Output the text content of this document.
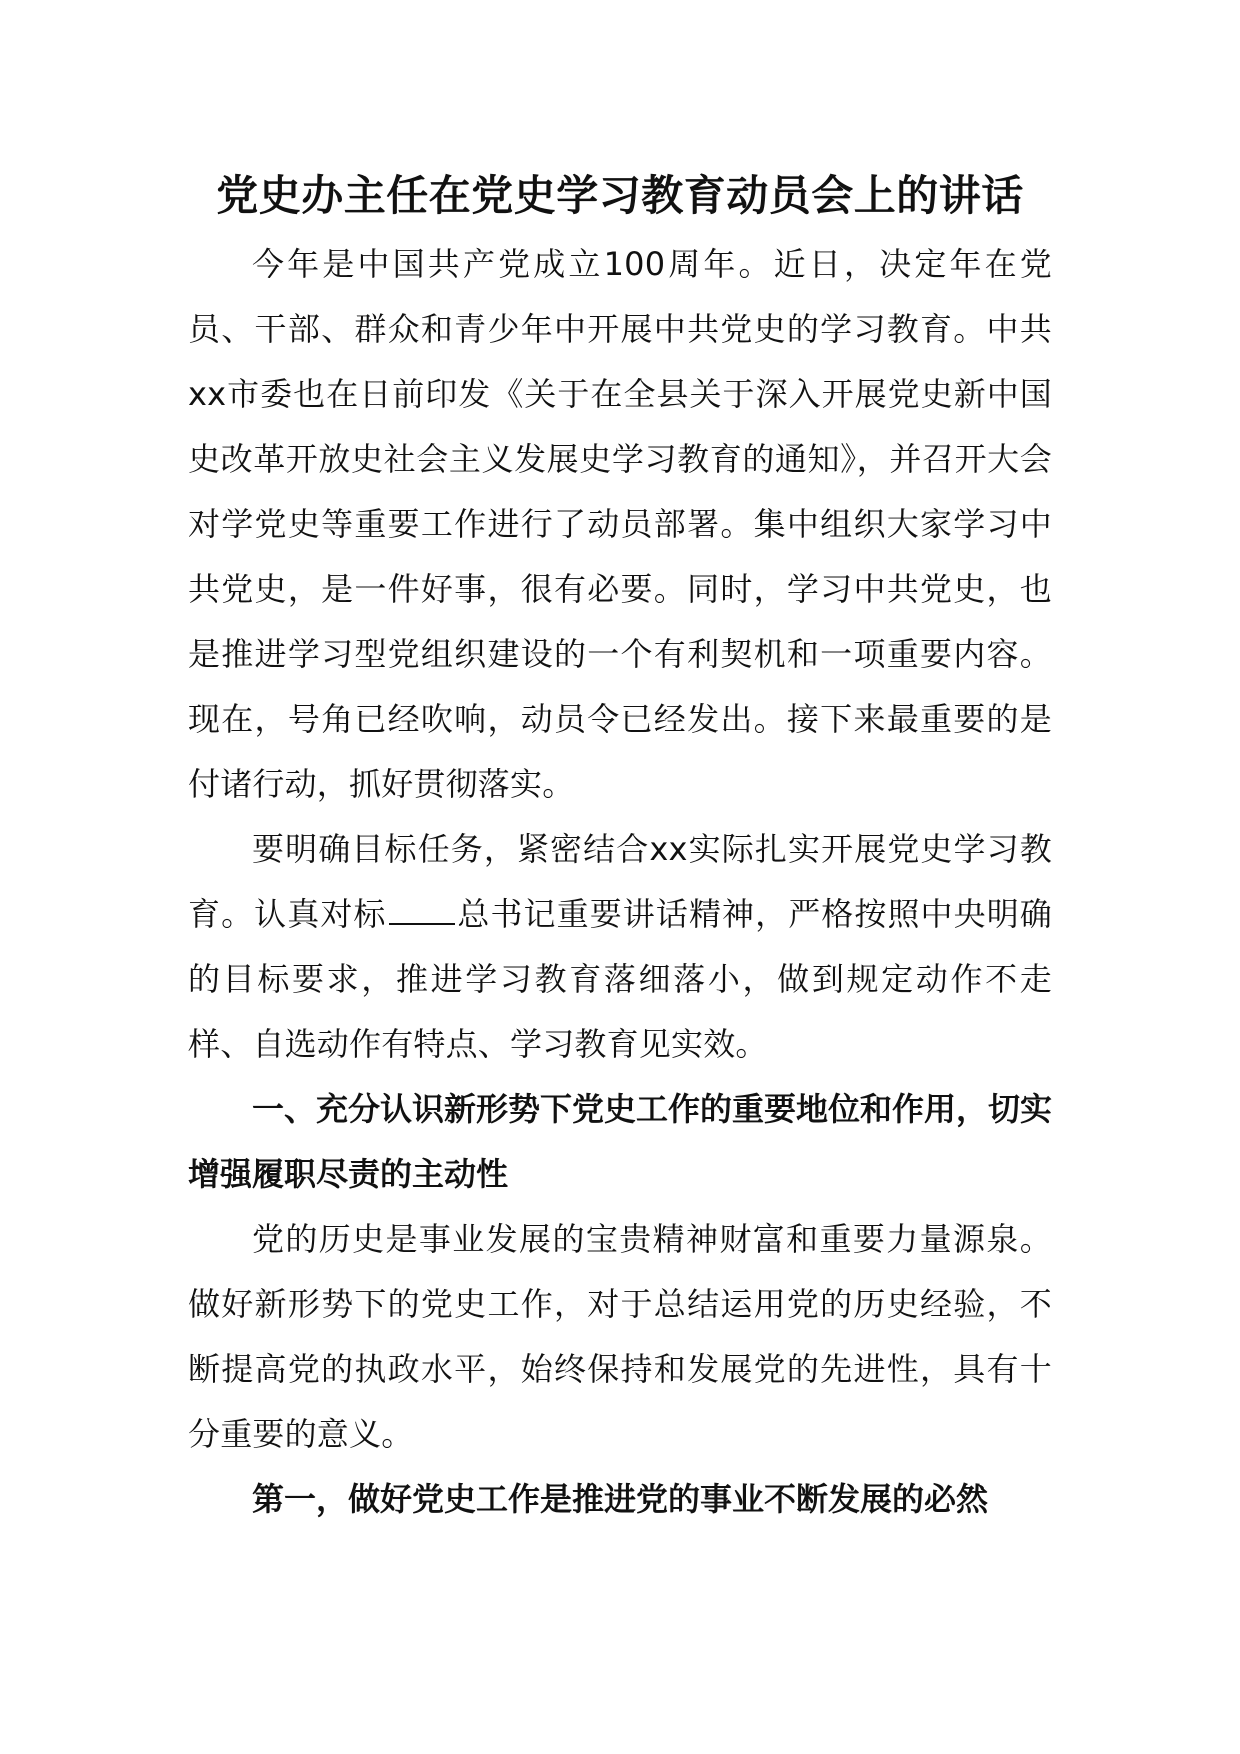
党史办主任在党史学习教育动员会上的讲话

今年是中国共产党成立100周年。近日，决定年在党员、干部、群众和青少年中开展中共党史的学习教育。中共xx市委也在日前印发《关于在全县关于深入开展党史新中国史改革开放史社会主义发展史学习教育的通知》，并召开大会对学党史等重要工作进行了动员部署。集中组织大家学习中共党史，是一件好事，很有必要。同时，学习中共党史，也是推进学习型党组织建设的一个有利契机和一项重要内容。现在，号角已经吹响，动员令已经发出。接下来最重要的是付诸行动，抓好贯彻落实。

要明确目标任务，紧密结合xx实际扎实开展党史学习教育。认真对标 总书记重要讲话精神，严格按照中央明确的目标要求，推进学习教育落细落小，做到规定动作不走样、自选动作有特点、学习教育见实效。

一、充分认识新形势下党史工作的重要地位和作用，切实增强履职尽责的主动性

党的历史是事业发展的宝贵精神财富和重要力量源泉。做好新形势下的党史工作，对于总结运用党的历史经验，不断提高党的执政水平，始终保持和发展党的先进性，具有十分重要的意义。

第一，做好党史工作是推进党的事业不断发展的必然
